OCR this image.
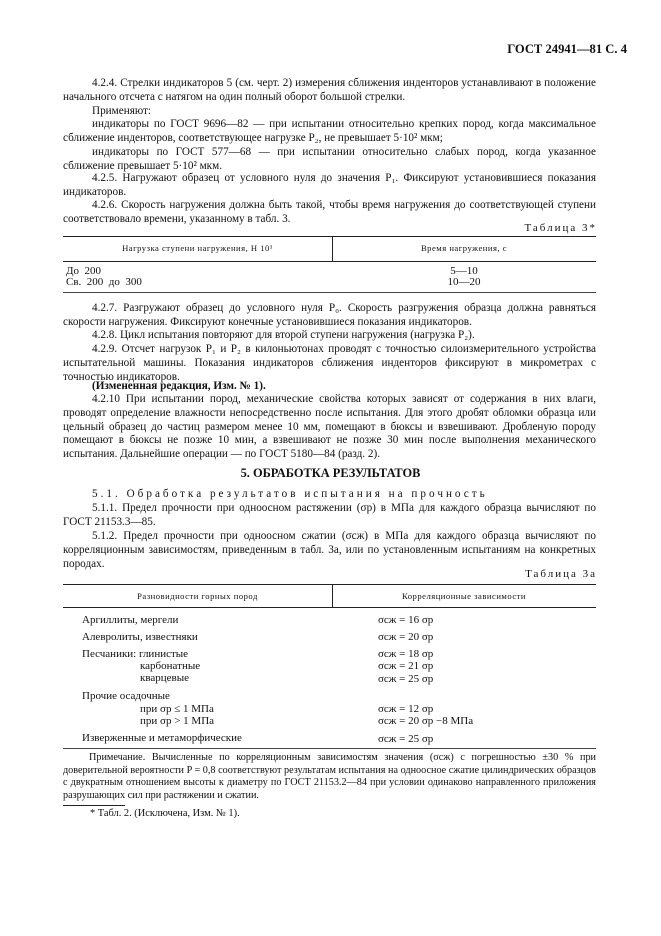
ГОСТ 24941—81 С. 4
4.2.4. Стрелки индикаторов 5 (см. черт. 2) измерения сближения инденторов устанавливают в положение начального отсчета с натягом на один полный оборот большой стрелки.
Применяют:
индикаторы по ГОСТ 9696—82 — при испытании относительно крепких пород, когда максимальное сближение инденторов, соответствующее нагрузке P₂, не превышает 5·10² мкм;
индикаторы по ГОСТ 577—68 — при испытании относительно слабых пород, когда указанное сближение превышает 5·10² мкм.
4.2.5. Нагружают образец от условного нуля до значения P₁. Фиксируют установившиеся показания индикаторов.
4.2.6. Скорость нагружения должна быть такой, чтобы время нагружения до соответствующей ступени соответствовало времени, указанному в табл. 3.
Таблица 3*
Нагрузка ступени нагружения, Н 10¹	Время нагружения, с
До  200	5—10
Св.  200  до  300	10—20
4.2.7. Разгружают образец до условного нуля P₀. Скорость разгружения образца должна равняться скорости нагружения. Фиксируют конечные установившиеся показания индикаторов.
4.2.8. Цикл испытания повторяют для второй ступени нагружения (нагрузка P₂).
4.2.9. Отсчет нагрузок P₁ и P₂ в килоньютонах проводят с точностью силоизмерительного устройства испытательной машины. Показания индикаторов сближения инденторов фиксируют в микрометрах с точностью индикаторов.
(Измененная редакция, Изм. № 1).
4.2.10 При испытании пород, механические свойства которых зависят от содержания в них влаги, проводят определение влажности непосредственно после испытания. Для этого дробят обломки образца или цельный образец до частиц размером менее 10 мм, помещают в бюксы и взвешивают. Дробленую породу помещают в бюксы не позже 10 мин, а взвешивают не позже 30 мин после выполнения механического испытания. Дальнейшие операции — по ГОСТ 5180—84 (разд. 2).
5. ОБРАБОТКА РЕЗУЛЬТАТОВ
5.1. Обработка результатов испытания на прочность
5.1.1. Предел прочности при одноосном растяжении (σр) в МПа для каждого образца вычисляют по ГОСТ 21153.3—85.
5.1.2. Предел прочности при одноосном сжатии (σсж) в МПа для каждого образца вычисляют по корреляционным зависимостям, приведенным в табл. 3а, или по установленным испытаниям на конкретных породах.
Таблица 3а
Разновидности горных пород	Корреляционные зависимости
Аргиллиты, мергели	σсж = 16 σр
Алевролиты, известняки	σсж = 20 σр
Песчаники: глинистые	σсж = 18 σр
карбонатные	σсж = 21 σр
кварцевые	σсж = 25 σр
Прочие осадочные
при σр ≤ 1 МПа	σсж = 12 σр
при σр > 1 МПа	σсж = 20 σр −8 МПа
Изверженные и метаморфические	σсж = 25 σр
Примечание. Вычисленные по корреляционным зависимостям значения (σсж) с погрешностью ±30 % при доверительной вероятности P = 0,8 соответствуют результатам испытания на одноосное сжатие цилиндрических образцов с двукратным отношением высоты к диаметру по ГОСТ 21153.2—84 при условии одинаково направленного приложения разрушающих сил при растяжении и сжатии.
* Табл. 2. (Исключена, Изм. № 1).
